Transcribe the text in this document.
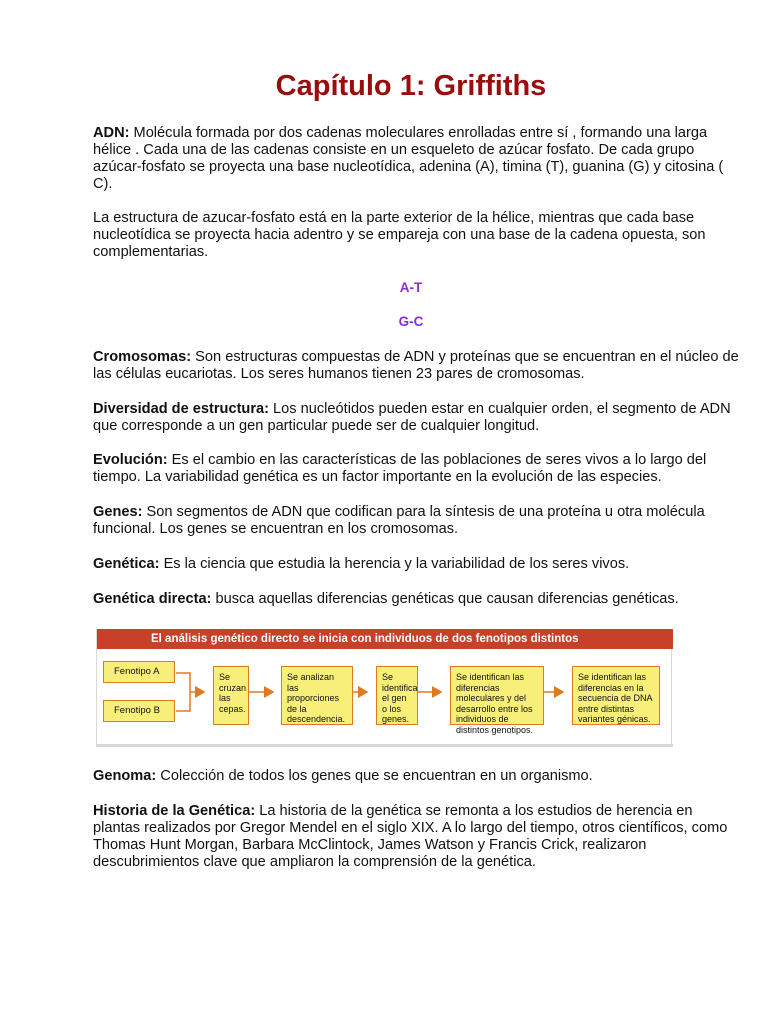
Capítulo 1: Griffiths

ADN: Molécula formada por dos cadenas moleculares enrolladas entre sí , formando una larga hélice . Cada una de las cadenas consiste en un esqueleto de azúcar fosfato. De cada grupo azúcar-fosfato se proyecta una base nucleotídica, adenina (A), timina (T), guanina (G) y citosina ( C).

La estructura de azucar-fosfato está en la parte exterior de la hélice, mientras que cada base nucleotídica se proyecta hacia adentro y se empareja con una base de la cadena opuesta, son complementarias.

A-T
G-C

Cromosomas: Son estructuras compuestas de ADN y proteínas que se encuentran en el núcleo de las células eucariotas. Los seres humanos tienen 23 pares de cromosomas.

Diversidad de estructura: Los nucleótidos pueden estar en cualquier orden, el segmento de ADN que corresponde a un gen particular puede ser de cualquier longitud.

Evolución: Es el cambio en las características de las poblaciones de seres vivos a lo largo del tiempo. La variabilidad genética es un factor importante en la evolución de las especies.

Genes: Son segmentos de ADN que codifican para la síntesis de una proteína u otra molécula funcional. Los genes se encuentran en los cromosomas.

Genética: Es la ciencia que estudia la herencia y la variabilidad de los seres vivos.

Genética directa: busca aquellas diferencias genéticas que causan diferencias genéticas.

El análisis genético directo se inicia con individuos de dos fenotipos distintos
Fenotipo A
Fenotipo B
Se cruzan las cepas.
Se analizan las proporciones de la descendencia.
Se identifica el gen o los genes.
Se identifican las diferencias moleculares y del desarrollo entre los individuos de distintos genotipos.
Se identifican las diferencias en la secuencia de DNA entre distintas variantes génicas.

Genoma: Colección de todos los genes que se encuentran en un organismo.

Historia de la Genética: La historia de la genética se remonta a los estudios de herencia en plantas realizados por Gregor Mendel en el siglo XIX. A lo largo del tiempo, otros científicos, como Thomas Hunt Morgan, Barbara McClintock, James Watson y Francis Crick, realizaron descubrimientos clave que ampliaron la comprensión de la genética.
